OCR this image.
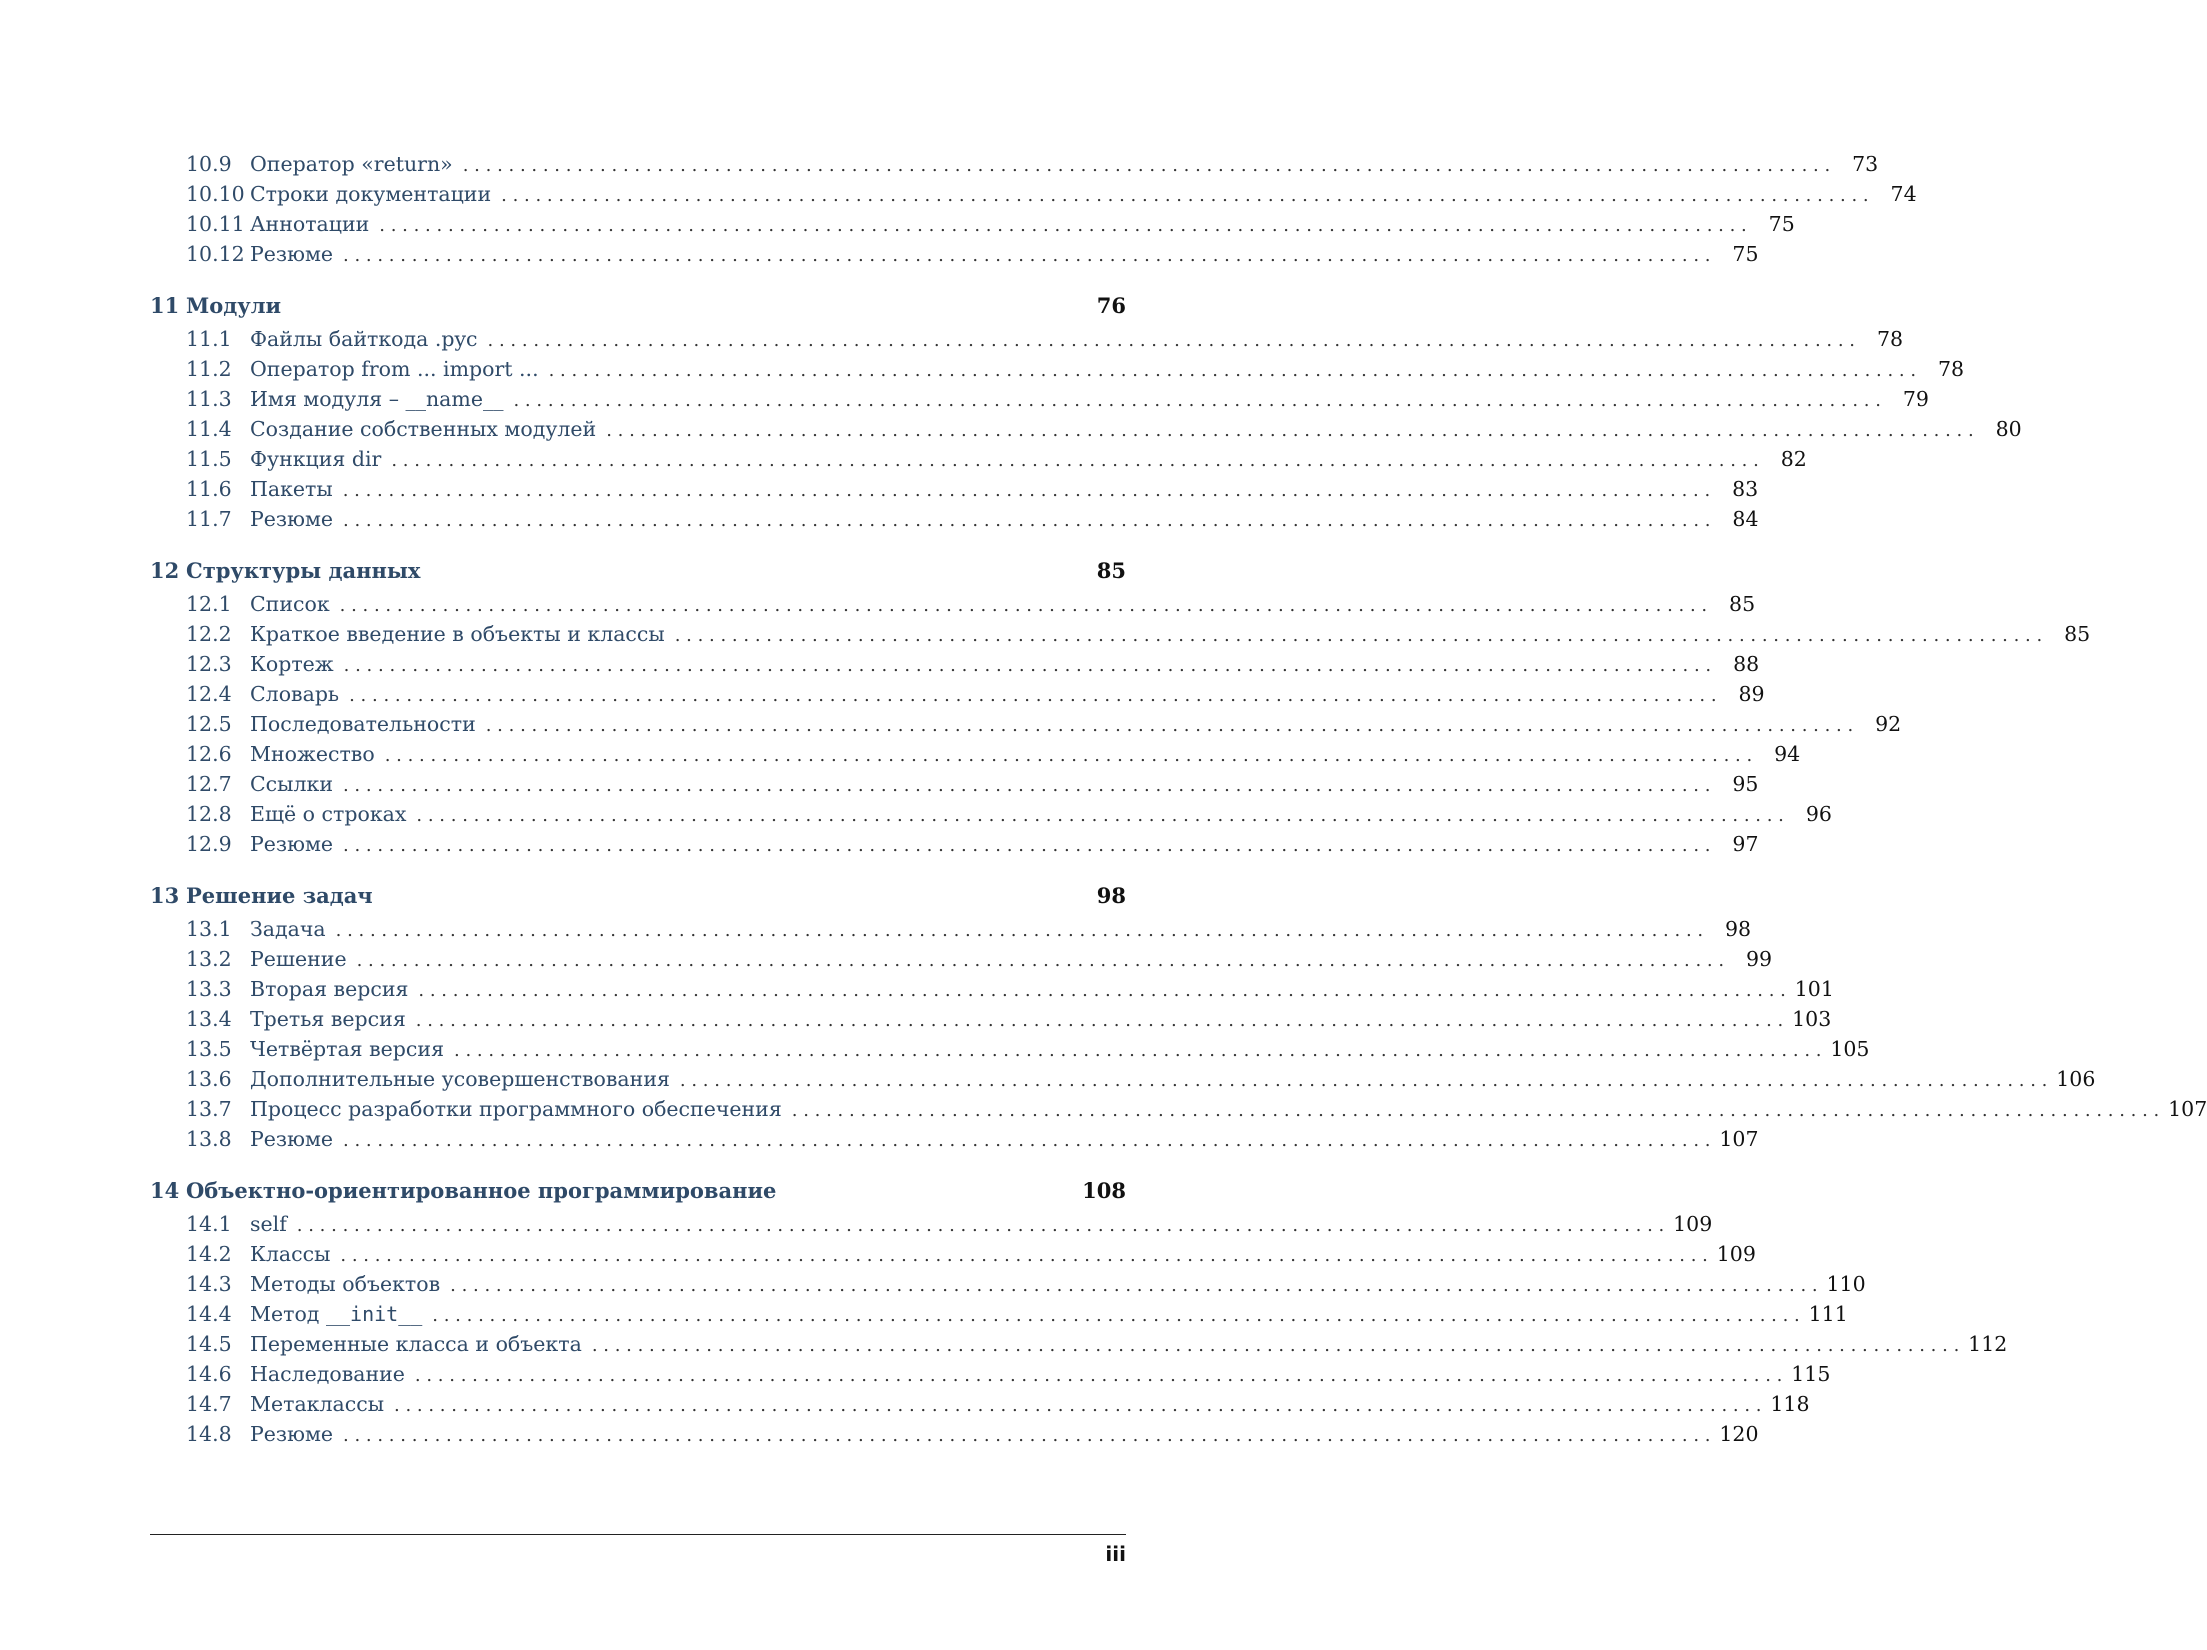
10.9 Оператор «return» . . . . . . . . . . . . . . . . . . . . . . . . . . . . . . . . . . . . . . . . . . . . . . . . . . . . . . . . . . . . . . . . . . . . . . . . . . . . . . . . . . . . . . . . . . . . . . . . . . . . . . . . . . . . . . . . . . . . . . . .	73
10.10 Строки документации . . . . . . . . . . . . . . . . . . . . . . . . . . . . . . . . . . . . . . . . . . . . . . . . . . . . . . . . . . . . . . . . . . . . . . . . . . . . . . . . . . . . . . . . . . . . . . . . . . . . . . . . . . . . . . . . . . . . . . . .	74
10.11 Аннотации . . . . . . . . . . . . . . . . . . . . . . . . . . . . . . . . . . . . . . . . . . . . . . . . . . . . . . . . . . . . . . . . . . . . . . . . . . . . . . . . . . . . . . . . . . . . . . . . . . . . . . . . . . . . . . . . . . . . . . . .	75
10.12 Резюме . . . . . . . . . . . . . . . . . . . . . . . . . . . . . . . . . . . . . . . . . . . . . . . . . . . . . . . . . . . . . . . . . . . . . . . . . . . . . . . . . . . . . . . . . . . . . . . . . . . . . . . . . . . . . . . . . . . . . . . .	75
11 Модули	76
11.1 Файлы байткода .pyc . . . . . . . . . . . . . . . . . . . . . . . . . . . . . . . . . . . . . . . . . . . . . . . . . . . . . . . . . . . . . . . . . . . . . . . . . . . . . . . . . . . . . . . . . . . . . . . . . . . . . . . . . . . . . . . . . . . . . . . .	78
11.2 Оператор from ... import ... . . . . . . . . . . . . . . . . . . . . . . . . . . . . . . . . . . . . . . . . . . . . . . . . . . . . . . . . . . . . . . . . . . . . . . . . . . . . . . . . . . . . . . . . . . . . . . . . . . . . . . . . . . . . . . . . . . . . . . . .	78
11.3 Имя модуля – __name__ . . . . . . . . . . . . . . . . . . . . . . . . . . . . . . . . . . . . . . . . . . . . . . . . . . . . . . . . . . . . . . . . . . . . . . . . . . . . . . . . . . . . . . . . . . . . . . . . . . . . . . . . . . . . . . . . . . . . . . . .	79
11.4 Создание собственных модулей . . . . . . . . . . . . . . . . . . . . . . . . . . . . . . . . . . . . . . . . . . . . . . . . . . . . . . . . . . . . . . . . . . . . . . . . . . . . . . . . . . . . . . . . . . . . . . . . . . . . . . . . . . . . . . . . . . . . . . . .	80
11.5 Функция dir . . . . . . . . . . . . . . . . . . . . . . . . . . . . . . . . . . . . . . . . . . . . . . . . . . . . . . . . . . . . . . . . . . . . . . . . . . . . . . . . . . . . . . . . . . . . . . . . . . . . . . . . . . . . . . . . . . . . . . . .	82
11.6 Пакеты . . . . . . . . . . . . . . . . . . . . . . . . . . . . . . . . . . . . . . . . . . . . . . . . . . . . . . . . . . . . . . . . . . . . . . . . . . . . . . . . . . . . . . . . . . . . . . . . . . . . . . . . . . . . . . . . . . . . . . . .	83
11.7 Резюме . . . . . . . . . . . . . . . . . . . . . . . . . . . . . . . . . . . . . . . . . . . . . . . . . . . . . . . . . . . . . . . . . . . . . . . . . . . . . . . . . . . . . . . . . . . . . . . . . . . . . . . . . . . . . . . . . . . . . . . .	84
12 Структуры данных	85
12.1 Список . . . . . . . . . . . . . . . . . . . . . . . . . . . . . . . . . . . . . . . . . . . . . . . . . . . . . . . . . . . . . . . . . . . . . . . . . . . . . . . . . . . . . . . . . . . . . . . . . . . . . . . . . . . . . . . . . . . . . . . .	85
12.2 Краткое введение в объекты и классы . . . . . . . . . . . . . . . . . . . . . . . . . . . . . . . . . . . . . . . . . . . . . . . . . . . . . . . . . . . . . . . . . . . . . . . . . . . . . . . . . . . . . . . . . . . . . . . . . . . . . . . . . . . . . . . . . . . . . . . .	85
12.3 Кортеж . . . . . . . . . . . . . . . . . . . . . . . . . . . . . . . . . . . . . . . . . . . . . . . . . . . . . . . . . . . . . . . . . . . . . . . . . . . . . . . . . . . . . . . . . . . . . . . . . . . . . . . . . . . . . . . . . . . . . . . .	88
12.4 Словарь . . . . . . . . . . . . . . . . . . . . . . . . . . . . . . . . . . . . . . . . . . . . . . . . . . . . . . . . . . . . . . . . . . . . . . . . . . . . . . . . . . . . . . . . . . . . . . . . . . . . . . . . . . . . . . . . . . . . . . . .	89
12.5 Последовательности . . . . . . . . . . . . . . . . . . . . . . . . . . . . . . . . . . . . . . . . . . . . . . . . . . . . . . . . . . . . . . . . . . . . . . . . . . . . . . . . . . . . . . . . . . . . . . . . . . . . . . . . . . . . . . . . . . . . . . . .	92
12.6 Множество . . . . . . . . . . . . . . . . . . . . . . . . . . . . . . . . . . . . . . . . . . . . . . . . . . . . . . . . . . . . . . . . . . . . . . . . . . . . . . . . . . . . . . . . . . . . . . . . . . . . . . . . . . . . . . . . . . . . . . . .	94
12.7 Ссылки . . . . . . . . . . . . . . . . . . . . . . . . . . . . . . . . . . . . . . . . . . . . . . . . . . . . . . . . . . . . . . . . . . . . . . . . . . . . . . . . . . . . . . . . . . . . . . . . . . . . . . . . . . . . . . . . . . . . . . . .	95
12.8 Ещё о строках . . . . . . . . . . . . . . . . . . . . . . . . . . . . . . . . . . . . . . . . . . . . . . . . . . . . . . . . . . . . . . . . . . . . . . . . . . . . . . . . . . . . . . . . . . . . . . . . . . . . . . . . . . . . . . . . . . . . . . . .	96
12.9 Резюме . . . . . . . . . . . . . . . . . . . . . . . . . . . . . . . . . . . . . . . . . . . . . . . . . . . . . . . . . . . . . . . . . . . . . . . . . . . . . . . . . . . . . . . . . . . . . . . . . . . . . . . . . . . . . . . . . . . . . . . .	97
13 Решение задач	98
13.1 Задача . . . . . . . . . . . . . . . . . . . . . . . . . . . . . . . . . . . . . . . . . . . . . . . . . . . . . . . . . . . . . . . . . . . . . . . . . . . . . . . . . . . . . . . . . . . . . . . . . . . . . . . . . . . . . . . . . . . . . . . .	98
13.2 Решение . . . . . . . . . . . . . . . . . . . . . . . . . . . . . . . . . . . . . . . . . . . . . . . . . . . . . . . . . . . . . . . . . . . . . . . . . . . . . . . . . . . . . . . . . . . . . . . . . . . . . . . . . . . . . . . . . . . . . . . .	99
13.3 Вторая версия . . . . . . . . . . . . . . . . . . . . . . . . . . . . . . . . . . . . . . . . . . . . . . . . . . . . . . . . . . . . . . . . . . . . . . . . . . . . . . . . . . . . . . . . . . . . . . . . . . . . . . . . . . . . . . . . . . . . . . . . 101
13.4 Третья версия . . . . . . . . . . . . . . . . . . . . . . . . . . . . . . . . . . . . . . . . . . . . . . . . . . . . . . . . . . . . . . . . . . . . . . . . . . . . . . . . . . . . . . . . . . . . . . . . . . . . . . . . . . . . . . . . . . . . . . . . 103
13.5 Четвёртая версия . . . . . . . . . . . . . . . . . . . . . . . . . . . . . . . . . . . . . . . . . . . . . . . . . . . . . . . . . . . . . . . . . . . . . . . . . . . . . . . . . . . . . . . . . . . . . . . . . . . . . . . . . . . . . . . . . . . . . . . . 105
13.6 Дополнительные усовершенствования . . . . . . . . . . . . . . . . . . . . . . . . . . . . . . . . . . . . . . . . . . . . . . . . . . . . . . . . . . . . . . . . . . . . . . . . . . . . . . . . . . . . . . . . . . . . . . . . . . . . . . . . . . . . . . . . . . . . . . . . 106
13.7 Процесс разработки программного обеспечения . . . . . . . . . . . . . . . . . . . . . . . . . . . . . . . . . . . . . . . . . . . . . . . . . . . . . . . . . . . . . . . . . . . . . . . . . . . . . . . . . . . . . . . . . . . . . . . . . . . . . . . . . . . . . . . . . . . . . . . . 107
13.8 Резюме . . . . . . . . . . . . . . . . . . . . . . . . . . . . . . . . . . . . . . . . . . . . . . . . . . . . . . . . . . . . . . . . . . . . . . . . . . . . . . . . . . . . . . . . . . . . . . . . . . . . . . . . . . . . . . . . . . . . . . . . 107
14 Объектно-ориентированное программирование	108
14.1 self . . . . . . . . . . . . . . . . . . . . . . . . . . . . . . . . . . . . . . . . . . . . . . . . . . . . . . . . . . . . . . . . . . . . . . . . . . . . . . . . . . . . . . . . . . . . . . . . . . . . . . . . . . . . . . . . . . . . . . . . 109
14.2 Классы . . . . . . . . . . . . . . . . . . . . . . . . . . . . . . . . . . . . . . . . . . . . . . . . . . . . . . . . . . . . . . . . . . . . . . . . . . . . . . . . . . . . . . . . . . . . . . . . . . . . . . . . . . . . . . . . . . . . . . . . 109
14.3 Методы объектов . . . . . . . . . . . . . . . . . . . . . . . . . . . . . . . . . . . . . . . . . . . . . . . . . . . . . . . . . . . . . . . . . . . . . . . . . . . . . . . . . . . . . . . . . . . . . . . . . . . . . . . . . . . . . . . . . . . . . . . . 110
14.4 Метод __init__ . . . . . . . . . . . . . . . . . . . . . . . . . . . . . . . . . . . . . . . . . . . . . . . . . . . . . . . . . . . . . . . . . . . . . . . . . . . . . . . . . . . . . . . . . . . . . . . . . . . . . . . . . . . . . . . . . . . . . . . . 111
14.5 Переменные класса и объекта . . . . . . . . . . . . . . . . . . . . . . . . . . . . . . . . . . . . . . . . . . . . . . . . . . . . . . . . . . . . . . . . . . . . . . . . . . . . . . . . . . . . . . . . . . . . . . . . . . . . . . . . . . . . . . . . . . . . . . . . 112
14.6 Наследование . . . . . . . . . . . . . . . . . . . . . . . . . . . . . . . . . . . . . . . . . . . . . . . . . . . . . . . . . . . . . . . . . . . . . . . . . . . . . . . . . . . . . . . . . . . . . . . . . . . . . . . . . . . . . . . . . . . . . . . . 115
14.7 Метаклассы . . . . . . . . . . . . . . . . . . . . . . . . . . . . . . . . . . . . . . . . . . . . . . . . . . . . . . . . . . . . . . . . . . . . . . . . . . . . . . . . . . . . . . . . . . . . . . . . . . . . . . . . . . . . . . . . . . . . . . . . 118
14.8 Резюме . . . . . . . . . . . . . . . . . . . . . . . . . . . . . . . . . . . . . . . . . . . . . . . . . . . . . . . . . . . . . . . . . . . . . . . . . . . . . . . . . . . . . . . . . . . . . . . . . . . . . . . . . . . . . . . . . . . . . . . . 120
iii
